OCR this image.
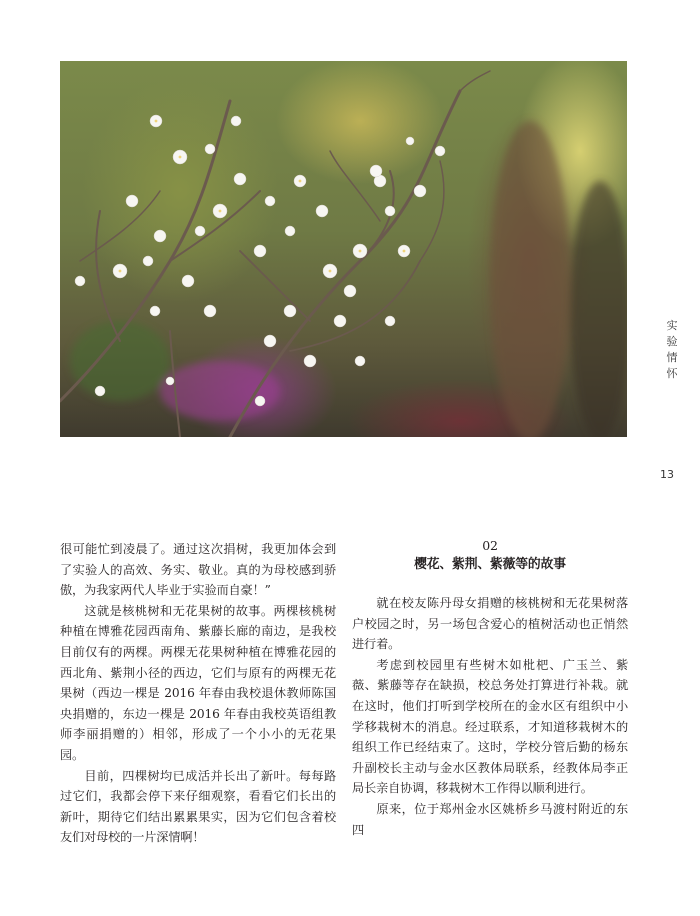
实验情怀
13

很可能忙到凌晨了。通过这次捐树，我更加体会到了实验人的高效、务实、敬业。真的为母校感到骄傲，为我家两代人毕业于实验而自豪！”

这就是核桃树和无花果树的故事。两棵核桃树种植在博雅花园西南角、紫藤长廊的南边，是我校目前仅有的两棵。两棵无花果树种植在博雅花园的西北角、紫荆小径的西边，它们与原有的两棵无花果树（西边一棵是 2016 年春由我校退休教师陈国央捐赠的，东边一棵是 2016 年春由我校英语组教师李丽捐赠的）相邻，形成了一个小小的无花果园。

目前，四棵树均已成活并长出了新叶。每每路过它们，我都会停下来仔细观察，看看它们长出的新叶，期待它们结出累累果实，因为它们包含着校友们对母校的一片深情啊！

02

樱花、紫荆、紫薇等的故事

就在校友陈丹母女捐赠的核桃树和无花果树落户校园之时，另一场包含爱心的植树活动也正悄然进行着。

考虑到校园里有些树木如枇杷、广玉兰、紫薇、紫藤等存在缺损，校总务处打算进行补栽。就在这时，他们打听到学校所在的金水区有组织中小学移栽树木的消息。经过联系，才知道移栽树木的组织工作已经结束了。这时，学校分管后勤的杨东升副校长主动与金水区教体局联系，经教体局李正局长亲自协调，移栽树木工作得以顺利进行。

原来，位于郑州金水区姚桥乡马渡村附近的东四
